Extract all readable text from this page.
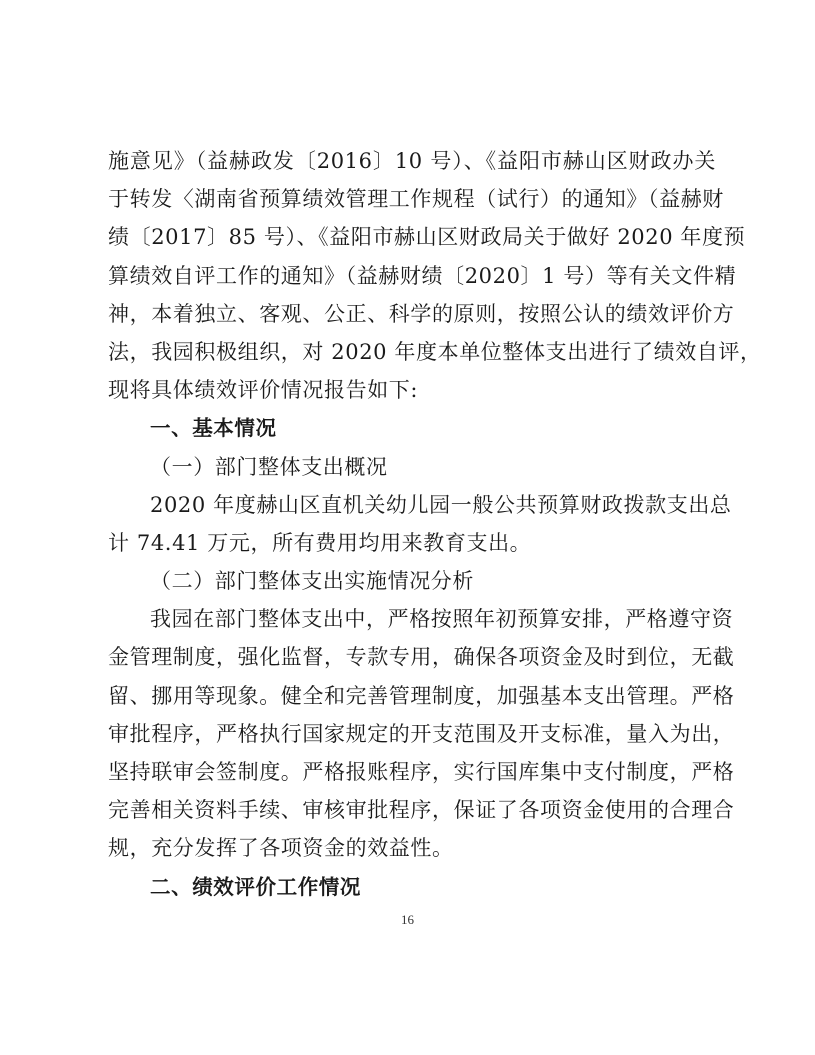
施意见》（益赫政发〔2016〕10 号）、《益阳市赫山区财政办关
于转发〈湖南省预算绩效管理工作规程（试行）的通知》（益赫财
绩〔2017〕85 号）、《益阳市赫山区财政局关于做好 2020 年度预
算绩效自评工作的通知》（益赫财绩〔2020〕1 号）等有关文件精
神，本着独立、客观、公正、科学的原则，按照公认的绩效评价方
法，我园积极组织，对 2020 年度本单位整体支出进行了绩效自评，
现将具体绩效评价情况报告如下:
一、基本情况
（一）部门整体支出概况
2020 年度赫山区直机关幼儿园一般公共预算财政拨款支出总
计 74.41 万元，所有费用均用来教育支出。
（二）部门整体支出实施情况分析
我园在部门整体支出中，严格按照年初预算安排，严格遵守资
金管理制度，强化监督，专款专用，确保各项资金及时到位，无截
留、挪用等现象。健全和完善管理制度，加强基本支出管理。严格
审批程序，严格执行国家规定的开支范围及开支标准，量入为出，
坚持联审会签制度。严格报账程序，实行国库集中支付制度，严格
完善相关资料手续、审核审批程序，保证了各项资金使用的合理合
规，充分发挥了各项资金的效益性。
二、绩效评价工作情况
16
